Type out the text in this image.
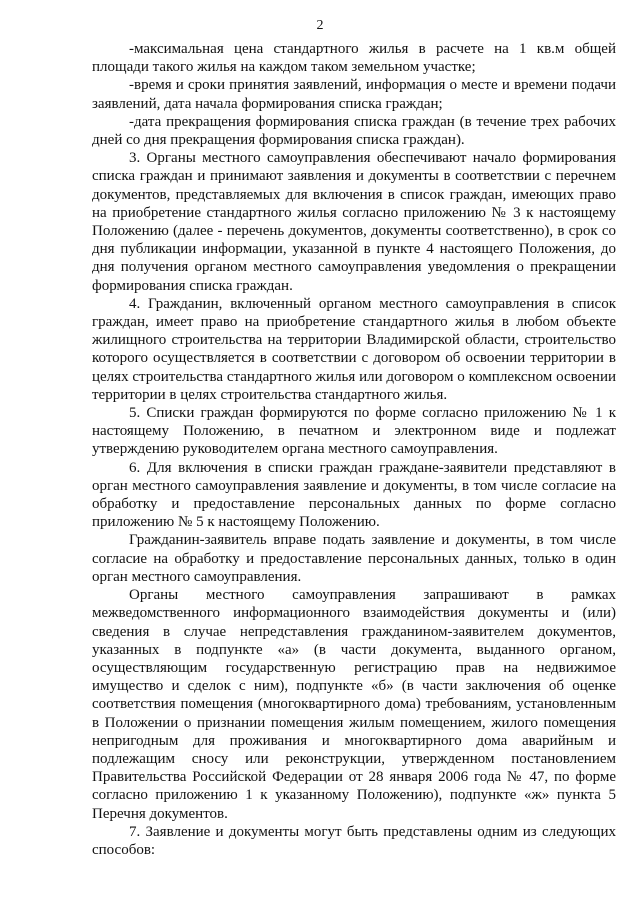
2

-максимальная цена стандартного жилья в расчете на 1 кв.м общей площади такого жилья на каждом таком земельном участке;

-время и сроки принятия заявлений, информация о месте и времени подачи заявлений, дата начала формирования списка граждан;

-дата прекращения формирования списка граждан (в течение трех рабочих дней со дня прекращения формирования списка граждан).

3. Органы местного самоуправления обеспечивают начало формирования списка граждан и принимают заявления и документы в соответствии с перечнем документов, представляемых для включения в список граждан, имеющих право на приобретение стандартного жилья согласно приложению № 3 к настоящему Положению (далее - перечень документов, документы соответственно), в срок со дня публикации информации, указанной в пункте 4 настоящего Положения, до дня получения органом местного самоуправления уведомления о прекращении формирования списка граждан.

4. Гражданин, включенный органом местного самоуправления в список граждан, имеет право на приобретение стандартного жилья в любом объекте жилищного строительства на территории Владимирской области, строительство которого осуществляется в соответствии с договором об освоении территории в целях строительства стандартного жилья или договором о комплексном освоении территории в целях строительства стандартного жилья.

5. Списки граждан формируются по форме согласно приложению № 1 к настоящему Положению, в печатном и электронном виде и подлежат утверждению руководителем органа местного самоуправления.

6. Для включения в списки граждан граждане-заявители представляют в орган местного самоуправления заявление и документы, в том числе согласие на обработку и предоставление персональных данных по форме согласно приложению № 5 к настоящему Положению.

Гражданин-заявитель вправе подать заявление и документы, в том числе согласие на обработку и предоставление персональных данных, только в один орган местного самоуправления.

Органы местного самоуправления запрашивают в рамках межведомственного информационного взаимодействия документы и (или) сведения в случае непредставления гражданином-заявителем документов, указанных в подпункте «а» (в части документа, выданного органом, осуществляющим государственную регистрацию прав на недвижимое имущество и сделок с ним), подпункте «б» (в части заключения об оценке соответствия помещения (многоквартирного дома) требованиям, установленным в Положении о признании помещения жилым помещением, жилого помещения непригодным для проживания и многоквартирного дома аварийным и подлежащим сносу или реконструкции, утвержденном постановлением Правительства Российской Федерации от 28 января 2006 года № 47, по форме согласно приложению 1 к указанному Положению), подпункте «ж» пункта 5 Перечня документов.

7. Заявление и документы могут быть представлены одним из следующих способов:
